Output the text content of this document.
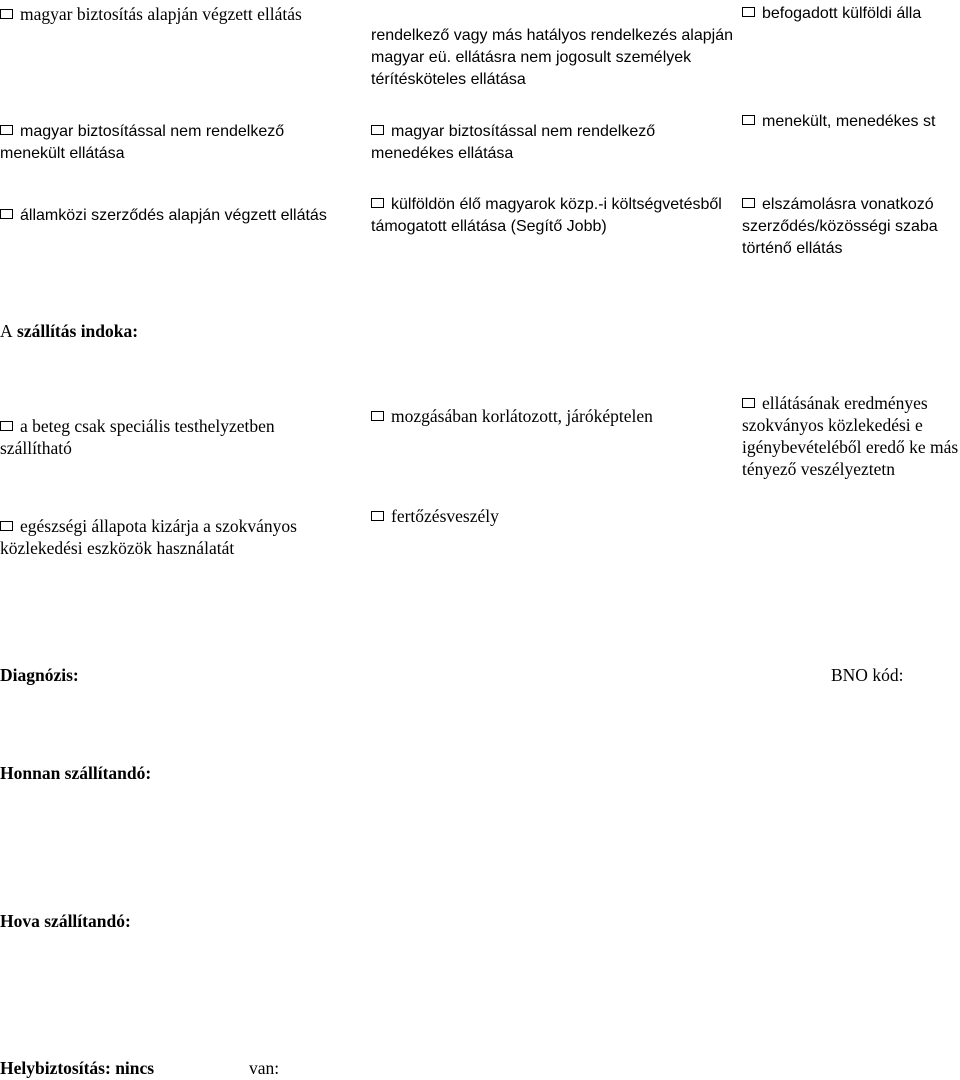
magyar biztosítás alapján végzett ellátás

rendelkező vagy más hatályos rendelkezés alapján magyar eü. ellátásra nem jogosult személyek térítésköteles ellátása

befogadott külföldi álla

magyar biztosítással nem rendelkező menekült ellátása

magyar biztosítással nem rendelkező menedékes ellátása

menekült, menedékes st

államközi szerződés alapján végzett ellátás

külföldön élő magyarok közp.-i költségvetésből támogatott ellátása (Segítő Jobb)

elszámolásra vonatkozó szerződés/közösségi szaba történő ellátás

A szállítás indoka:

a beteg csak speciális testhelyzetben szállítható

mozgásában korlátozott, járóképtelen

ellátásának eredményes szokványos közlekedési e igénybevételéből eredő ke más tényező veszélyeztetn

egészségi állapota kizárja a szokványos közlekedési eszközök használatát

fertőzésveszély
Diagnózis:	BNO kód:
Honnan szállítandó:
Hova szállítandó:
Helybiztosítás: nincs	van:
